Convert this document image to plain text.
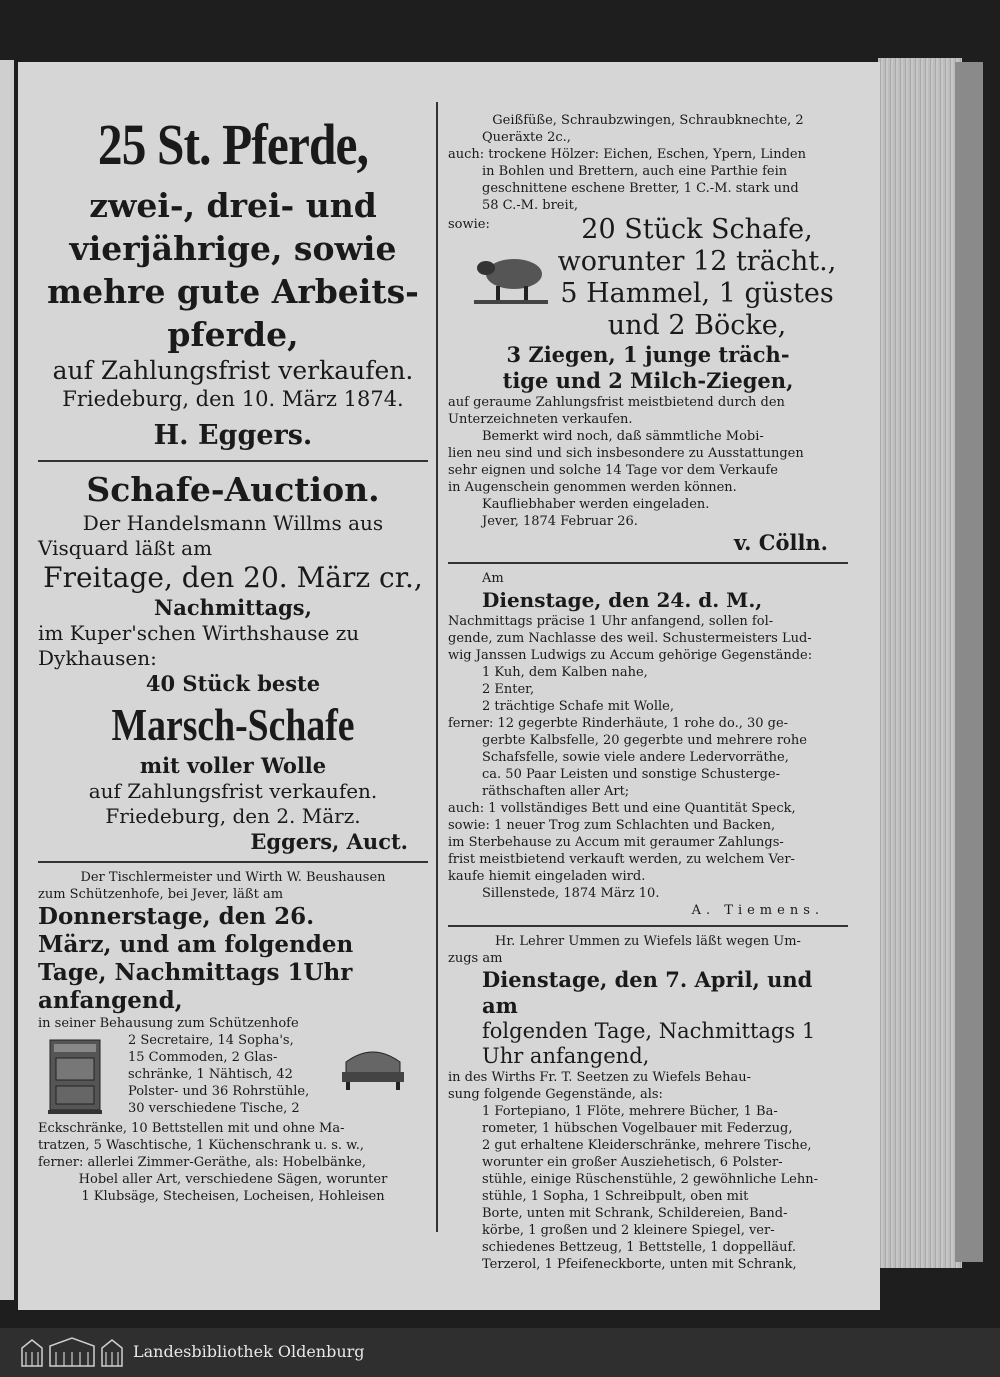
25 St. Pferde,
zwei-, drei- und
vierjährige, sowie
mehre gute Arbeits-
pferde,
auf Zahlungsfrist verkaufen.
Friedeburg, den 10. März 1874.
H. Eggers.
Schafe-Auction.
Der Handelsmann Willms aus
Visquard läßt am
Freitage, den 20. März cr.,
Nachmittags,
im Kuper'schen Wirthshause zu
Dykhausen:
40 Stück beste
Marsch-Schafe
mit voller Wolle
auf Zahlungsfrist verkaufen.
Friedeburg, den 2. März.
Eggers, Auct.
Der Tischlermeister und Wirth W. Beushausen
zum Schützenhofe, bei Jever, läßt am
Donnerstage, den 26.
März, und am folgenden
Tage, Nachmittags 1Uhr
anfangend,
in seiner Behausung zum Schützenhofe
2 Secretaire, 14 Sopha's,
15 Commoden, 2 Glas-
schränke, 1 Nähtisch, 42
Polster- und 36 Rohrstühle,
30 verschiedene Tische, 2
Eckschränke, 10 Bettstellen mit und ohne Ma-
tratzen, 5 Waschtische, 1 Küchenschrank u. s. w.,
ferner: allerlei Zimmer-Geräthe, als: Hobelbänke,
Hobel aller Art, verschiedene Sägen, worunter
1 Klubsäge, Stecheisen, Locheisen, Hohleisen
Geißfüße, Schraubzwingen, Schraubknechte, 2
Queräxte 2c.,
auch: trockene Hölzer: Eichen, Eschen, Ypern, Linden
in Bohlen und Brettern, auch eine Parthie fein
geschnittene eschene Bretter, 1 C.-M. stark und
58 C.-M. breit,
sowie:	20 Stück Schafe,
worunter 12 trächt.,
5 Hammel, 1 güstes
und 2 Böcke,
3 Ziegen, 1 junge träch-
tige und 2 Milch-Ziegen,
auf geraume Zahlungsfrist meistbietend durch den
Unterzeichneten verkaufen.
Bemerkt wird noch, daß sämmtliche Mobi-
lien neu sind und sich insbesondere zu Ausstattungen
sehr eignen und solche 14 Tage vor dem Verkaufe
in Augenschein genommen werden können.
Kaufliebhaber werden eingeladen.
Jever, 1874 Februar 26.
v. Cölln.
Am
Dienstage, den 24. d. M.,
Nachmittags präcise 1 Uhr anfangend, sollen fol-
gende, zum Nachlasse des weil. Schustermeisters Lud-
wig Janssen Ludwigs zu Accum gehörige Gegenstände:
1 Kuh, dem Kalben nahe,
2 Enter,
2 trächtige Schafe mit Wolle,
ferner: 12 gegerbte Rinderhäute, 1 rohe do., 30 ge-
gerbte Kalbsfelle, 20 gegerbte und mehrere rohe
Schafsfelle, sowie viele andere Ledervorräthe,
ca. 50 Paar Leisten und sonstige Schusterge-
räthschaften aller Art;
auch: 1 vollständiges Bett und eine Quantität Speck,
sowie: 1 neuer Trog zum Schlachten und Backen,
im Sterbehause zu Accum mit geraumer Zahlungs-
frist meistbietend verkauft werden, zu welchem Ver-
kaufe hiemit eingeladen wird.
Sillenstede, 1874 März 10.
A. Tiemens.
Hr. Lehrer Ummen zu Wiefels läßt wegen Um-
zugs am
Dienstage, den 7. April, und am
folgenden Tage, Nachmittags 1
Uhr anfangend,
in des Wirths Fr. T. Seetzen zu Wiefels Behau-
sung folgende Gegenstände, als:
1 Fortepiano, 1 Flöte, mehrere Bücher, 1 Ba-
rometer, 1 hübschen Vogelbauer mit Federzug,
2 gut erhaltene Kleiderschränke, mehrere Tische,
worunter ein großer Ausziehetisch, 6 Polster-
stühle, einige Rüschenstühle, 2 gewöhnliche Lehn-
stühle, 1 Sopha, 1 Schreibpult, oben mit
Borte, unten mit Schrank, Schildereien, Band-
körbe, 1 großen und 2 kleinere Spiegel, ver-
schiedenes Bettzeug, 1 Bettstelle, 1 doppelläuf.
Terzerol, 1 Pfeifeneckborte, unten mit Schrank,
Landesbibliothek Oldenburg
